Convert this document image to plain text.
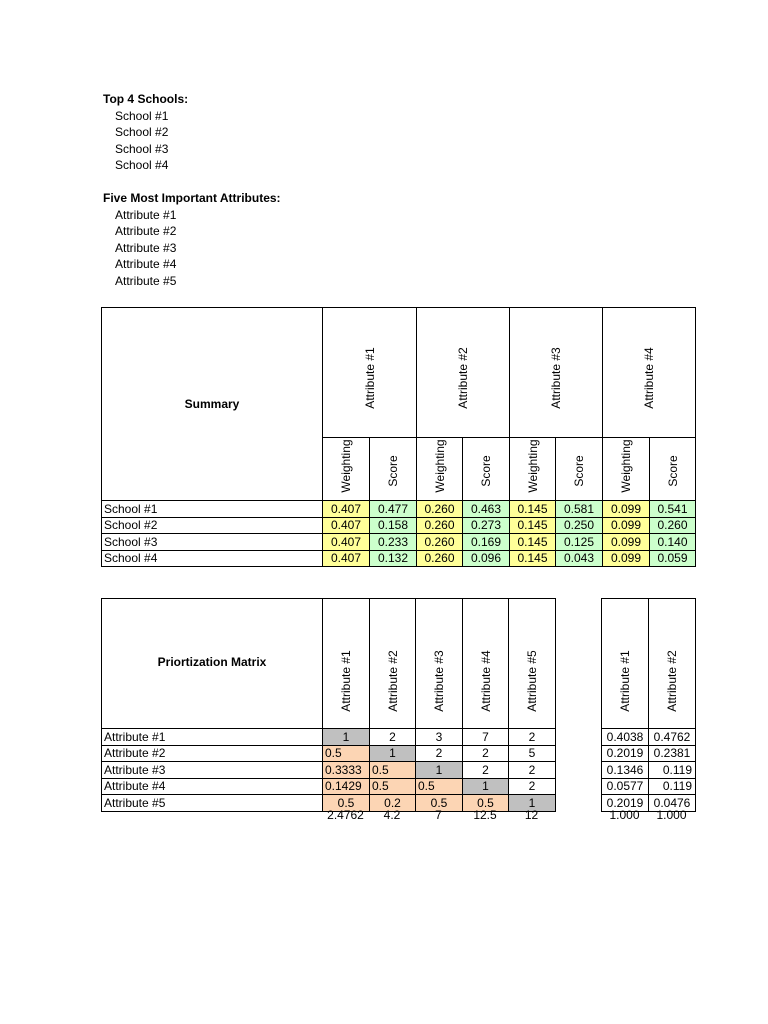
Top 4 Schools:
School #1
School #2
School #3
School #4
Five Most Important Attributes:
Attribute #1
Attribute #2
Attribute #3
Attribute #4
Attribute #5
Summary	Attribute #1		Attribute #2		Attribute #3		Attribute #4	

	Weighting	Score	Weighting	Score	Weighting	Score	Weighting	Score

School #1	0.407	0.477	0.260	0.463	0.145	0.581	0.099	0.541
School #2	0.407	0.158	0.260	0.273	0.145	0.250	0.099	0.260
School #3	0.407	0.233	0.260	0.169	0.145	0.125	0.099	0.140
School #4	0.407	0.132	0.260	0.096	0.145	0.043	0.099	0.059
Priortization Matrix	Attribute #1	Attribute #2	Attribute #3	Attribute #4	Attribute #5

Attribute #1	1	2	3	7	2
Attribute #2	0.5	1	2	2	5
Attribute #3	0.3333	0.5	1	2	2
Attribute #4	0.1429	0.5	0.5	1	2
Attribute #5	0.5	0.2	0.5	0.5	1
2.4762	4.2	7	12.5	12
Attribute #1	Attribute #2

0.4038	0.4762
0.2019	0.2381
0.1346	0.119
0.0577	0.119
0.2019	0.0476
1.000	1.000
